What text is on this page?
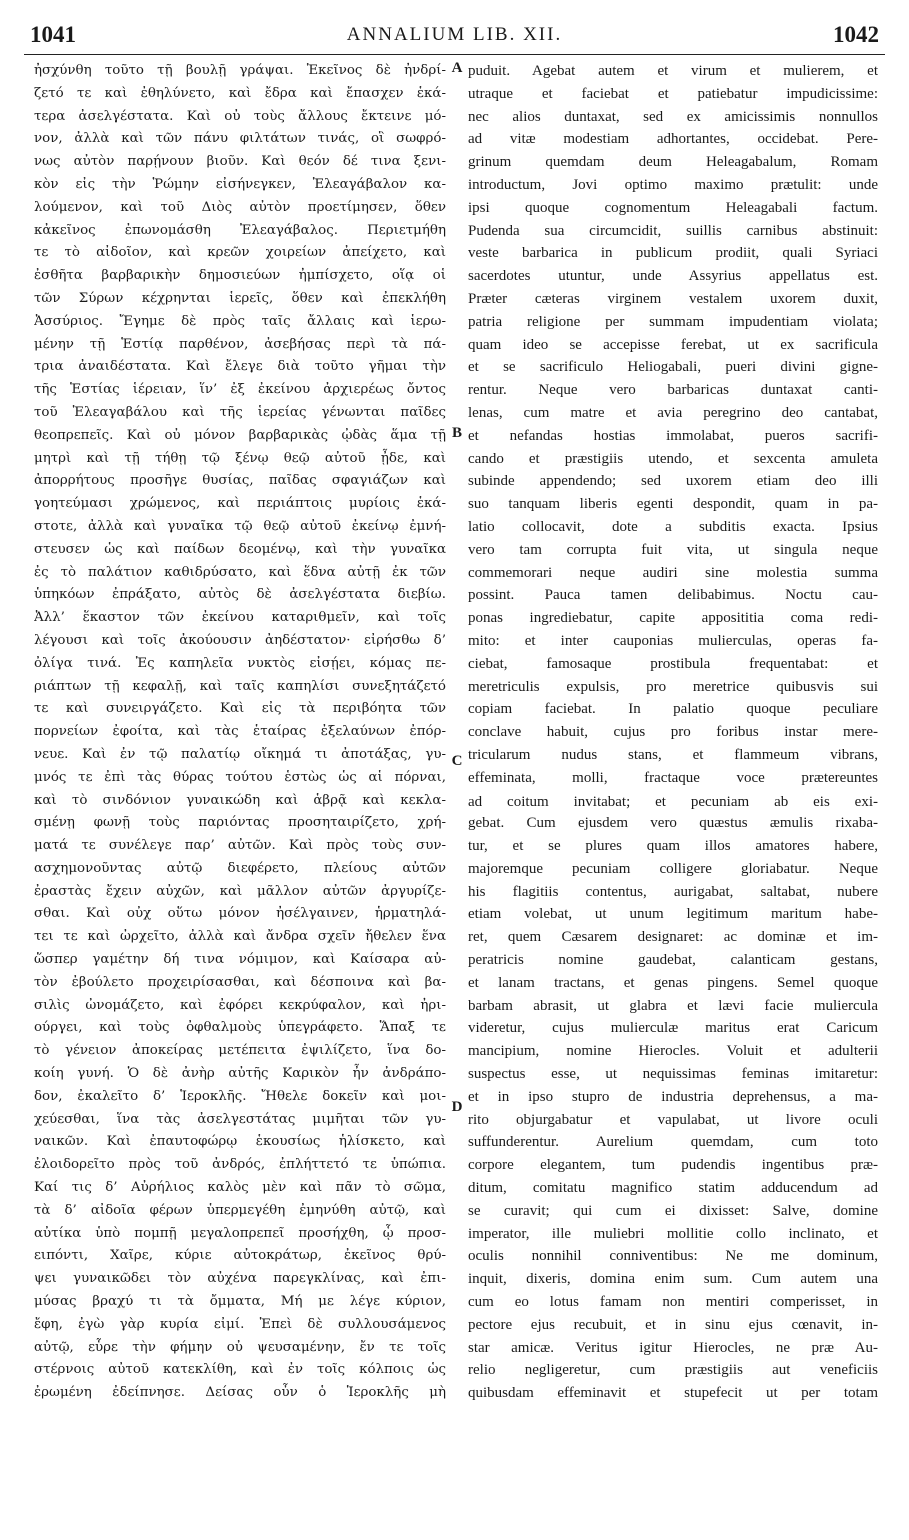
1041	ANNALIUM LIB. XII.	1042
ἠσχύνθη τοῦτο τῇ βουλῇ γράψαι. Ἐκεῖνος δὲ ἠνδρί-
ζετό τε καὶ ἐθηλύνετο, καὶ ἔδρα καὶ ἔπασχεν ἑκά-
τερα ἀσελγέστατα. Καὶ οὐ τοὺς ἄλλους ἔκτεινε μό-
νον, ἀλλὰ καὶ τῶν πάνυ φιλτάτων τινάς, οἳ σωφρό-
νως αὐτὸν παρῄνουν βιοῦν. Καὶ θεόν δέ τινα ξενι-
κὸν εἰς τὴν Ῥώμην εἰσήνεγκεν, Ἐλεαγάβαλον κα-
λούμενον, καὶ τοῦ Διὸς αὐτὸν προετίμησεν, ὅθεν
κἀκεῖνος ἐπωνομάσθη Ἐλεαγάβαλος. Περιετμήθη
τε τὸ αἰδοῖον, καὶ κρεῶν χοιρείων ἀπείχετο, καὶ
ἐσθῆτα βαρβαρικὴν δημοσιεύων ἠμπίσχετο, οἵᾳ οἱ
τῶν Σύρων κέχρηνται ἱερεῖς, ὅθεν καὶ ἐπεκλήθη
Ἀσσύριος. Ἔγημε δὲ πρὸς ταῖς ἄλλαις καὶ ἱερω-
μένην τῇ Ἑστίᾳ παρθένον, ἀσεβήσας περὶ τὰ πά-
τρια ἀναιδέστατα. Καὶ ἔλεγε διὰ τοῦτο γῆμαι τὴν
τῆς Ἑστίας ἱέρειαν, ἵν’ ἐξ ἐκείνου ἀρχιερέως ὄντος
τοῦ Ἐλεαγαβάλου καὶ τῆς ἱερείας γένωνται παῖδες
θεοπρεπεῖς. Καὶ οὐ μόνον βαρβαρικὰς ᾠδὰς ἅμα τῇ
μητρὶ καὶ τῇ τήθῃ τῷ ξένῳ θεῷ αὐτοῦ ᾖδε, καὶ
ἀπορρήτους προσῆγε θυσίας, παῖδας σφαγιάζων καὶ
γοητεύμασι χρώμενος, καὶ περιάπτοις μυρίοις ἑκά-
στοτε, ἀλλὰ καὶ γυναῖκα τῷ θεῷ αὐτοῦ ἐκείνῳ ἐμνή-
στευσεν ὡς καὶ παίδων δεομένῳ, καὶ τὴν γυναῖκα
ἐς τὸ παλάτιον καθιδρύσατο, καὶ ἕδνα αὐτῇ ἐκ τῶν
ὑπηκόων ἐπράξατο, αὐτὸς δὲ ἀσελγέστατα διεβίω.
Ἀλλ’ ἕκαστον τῶν ἐκείνου καταριθμεῖν, καὶ τοῖς
λέγουσι καὶ τοῖς ἀκούουσιν ἀηδέστατον· εἰρήσθω δ’
ὀλίγα τινά. Ἐς καπηλεῖα νυκτὸς εἰσῄει, κόμας πε-
ριάπτων τῇ κεφαλῇ, καὶ ταῖς καπηλίσι συνεξητάζετό
τε καὶ συνειργάζετο. Καὶ εἰς τὰ περιβόητα τῶν
πορνείων ἐφοίτα, καὶ τὰς ἑταίρας ἐξελαύνων ἐπόρ-
νευε. Καὶ ἐν τῷ παλατίῳ οἴκημά τι ἀποτάξας, γυ-
μνός τε ἐπὶ τὰς θύρας τούτου ἑστὼς ὡς αἱ πόρναι,
καὶ τὸ σινδόνιον γυναικώδη καὶ ἁβρᾷ καὶ κεκλα-
σμένῃ φωνῇ τοὺς παριόντας προσηταιρίζετο, χρή-
ματά τε συνέλεγε παρ’ αὐτῶν. Καὶ πρὸς τοὺς συν-
ασχημονοῦντας αὐτῷ διεφέρετο, πλείους αὐτῶν
ἐραστὰς ἔχειν αὐχῶν, καὶ μᾶλλον αὐτῶν ἀργυρίζε-
σθαι. Καὶ οὐχ οὕτω μόνον ἠσέλγαινεν, ἡρματηλά-
τει τε καὶ ὠρχεῖτο, ἀλλὰ καὶ ἄνδρα σχεῖν ἤθελεν ἕνα
ὥσπερ γαμέτην δή τινα νόμιμον, καὶ Καίσαρα αὐ-
τὸν ἐβούλετο προχειρίσασθαι, καὶ δέσποινα καὶ βα-
σιλὶς ὠνομάζετο, καὶ ἐφόρει κεκρύφαλον, καὶ ἠρι-
ούργει, καὶ τοὺς ὀφθαλμοὺς ὑπεγράφετο. Ἅπαξ τε
τὸ γένειον ἀποκείρας μετέπειτα ἐψιλίζετο, ἵνα δο-
κοίη γυνή. Ὁ δὲ ἀνὴρ αὐτῆς Καρικὸν ἦν ἀνδράπο-
δον, ἐκαλεῖτο δ’ Ἱεροκλῆς. Ἤθελε δοκεῖν καὶ μοι-
χεύεσθαι, ἵνα τὰς ἀσελγεστάτας μιμῆται τῶν γυ-
ναικῶν. Καὶ ἐπαυτοφώρῳ ἑκουσίως ἡλίσκετο, καὶ
ἐλοιδορεῖτο πρὸς τοῦ ἀνδρός, ἐπλήττετό τε ὑπώπια.
Καί τις δ’ Αὐρήλιος καλὸς μὲν καὶ πᾶν τὸ σῶμα,
τὰ δ’ αἰδοῖα φέρων ὑπερμεγέθη ἐμηνύθη αὐτῷ, καὶ
αὐτίκα ὑπὸ πομπῇ μεγαλοπρεπεῖ προσήχθη, ᾧ προσ-
ειπόντι, Χαῖρε, κύριε αὐτοκράτωρ, ἐκεῖνος θρύ-
ψει γυναικῶδει τὸν αὐχένα παρεγκλίνας, καὶ ἐπι-
μύσας βραχύ τι τὰ ὄμματα, Μή με λέγε κύριον,
ἔφη, ἐγὼ γὰρ κυρία εἰμί. Ἐπεὶ δὲ συλλουσάμενος
αὐτῷ, εὗρε τὴν φήμην οὐ ψευσαμένην, ἔν τε τοῖς
στέρνοις αὐτοῦ κατεκλίθη, καὶ ἐν τοῖς κόλποις ὡς
ἐρωμένη ἐδείπνησε. Δείσας οὖν ὁ Ἱεροκλῆς μὴ
A
B
C
D
puduit. Agebat autem et virum et mulierem, et
utraque et faciebat et patiebatur impudicissime:
nec alios duntaxat, sed ex amicissimis nonnullos
ad vitæ modestiam adhortantes, occidebat. Pere-
grinum quemdam deum Heleagabalum, Romam
introductum, Jovi optimo maximo prætulit: unde
ipsi quoque cognomentum Heleagabali factum.
Pudenda sua circumcidit, suillis carnibus abstinuit:
veste barbarica in publicum prodiit, quali Syriaci
sacerdotes utuntur, unde Assyrius appellatus est.
Præter cæteras virginem vestalem uxorem duxit,
patria religione per summam impudentiam violata;
quam ideo se accepisse ferebat, ut ex sacrificula
et se sacrificulo Heliogabali, pueri divini gigne-
rentur. Neque vero barbaricas duntaxat canti-
lenas, cum matre et avia peregrino deo cantabat,
et nefandas hostias immolabat, pueros sacrifi-
cando et præstigiis utendo, et sexcenta amuleta
subinde appendendo; sed uxorem etiam deo illi
suo tanquam liberis egenti despondit, quam in pa-
latio collocavit, dote a subditis exacta. Ipsius
vero tam corrupta fuit vita, ut singula neque
commemorari neque audiri sine molestia summa
possint. Pauca tamen delibabimus. Noctu cau-
ponas ingrediebatur, capite apposititia coma redi-
mito: et inter cauponias mulierculas, operas fa-
ciebat, famosaque prostibula frequentabat: et
meretriculis expulsis, pro meretrice quibusvis sui
copiam faciebat. In palatio quoque peculiare
conclave habuit, cujus pro foribus instar mere-
tricularum nudus stans, et flammeum vibrans,
effeminata, molli, fractaque voce prætereuntes
ad coitum invitabat; et pecuniam ab eis exi-
gebat. Cum ejusdem vero quæstus æmulis rixaba-
tur, et se plures quam illos amatores habere,
majoremque pecuniam colligere gloriabatur. Neque
his flagitiis contentus, aurigabat, saltabat, nubere
etiam volebat, ut unum legitimum maritum habe-
ret, quem Cæsarem designaret: ac dominæ et im-
peratricis nomine gaudebat, calanticam gestans,
et lanam tractans, et genas pingens. Semel quoque
barbam abrasit, ut glabra et lævi facie muliercula
videretur, cujus mulierculæ maritus erat Caricum
mancipium, nomine Hierocles. Voluit et adulterii
suspectus esse, ut nequissimas feminas imitaretur:
et in ipso stupro de industria deprehensus, a ma-
rito objurgabatur et vapulabat, ut livore oculi
suffunderentur. Aurelium quemdam, cum toto
corpore elegantem, tum pudendis ingentibus præ-
ditum, comitatu magnifico statim adducendum ad
se curavit; qui cum ei dixisset: Salve, domine
imperator, ille muliebri mollitie collo inclinato, et
oculis nonnihil conniventibus: Ne me dominum,
inquit, dixeris, domina enim sum. Cum autem una
cum eo lotus famam non mentiri comperisset, in
pectore ejus recubuit, et in sinu ejus cœnavit, in-
star amicæ. Veritus igitur Hierocles, ne præ Au-
relio negligeretur, cum præstigiis aut veneficiis
quibusdam effeminavit et stupefecit ut per totam
